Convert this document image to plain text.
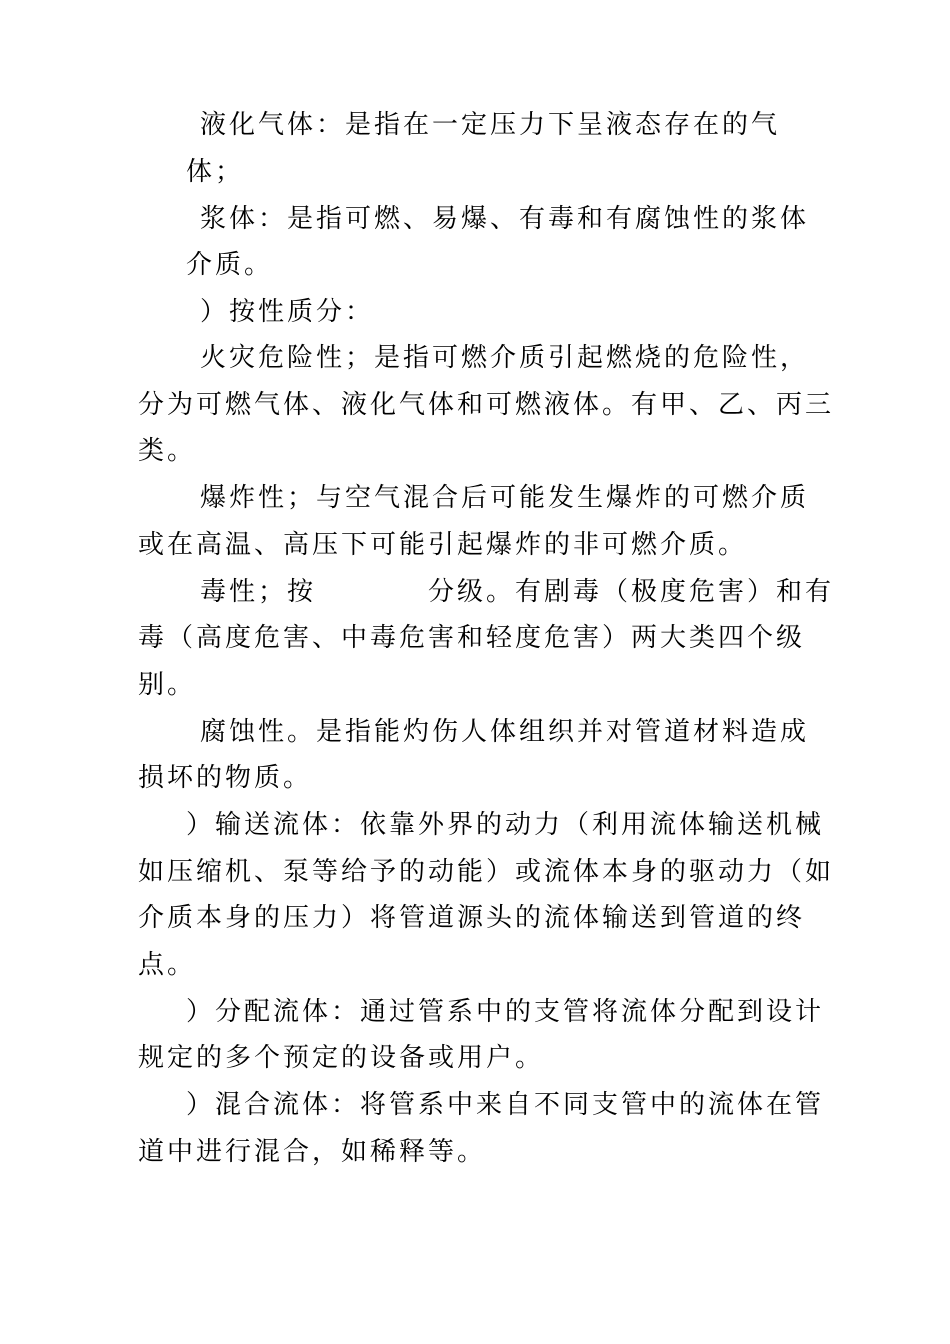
液化气体：是指在一定压力下呈液态存在的气

体；

浆体：是指可燃、易爆、有毒和有腐蚀性的浆体

介质。

）按性质分：

火灾危险性；是指可燃介质引起燃烧的危险性，

分为可燃气体、液化气体和可燃液体。有甲、乙、丙三

类。

爆炸性；与空气混合后可能发生爆炸的可燃介质

或在高温、高压下可能引起爆炸的非可燃介质。

毒性；按	分级。有剧毒（极度危害）和有

毒（高度危害、中毒危害和轻度危害）两大类四个级

别。

腐蚀性。是指能灼伤人体组织并对管道材料造成

损坏的物质。

）输送流体：依靠外界的动力（利用流体输送机械

如压缩机、泵等给予的动能）或流体本身的驱动力（如

介质本身的压力）将管道源头的流体输送到管道的终

点。

）分配流体：通过管系中的支管将流体分配到设计

规定的多个预定的设备或用户。

）混合流体：将管系中来自不同支管中的流体在管

道中进行混合，如稀释等。
